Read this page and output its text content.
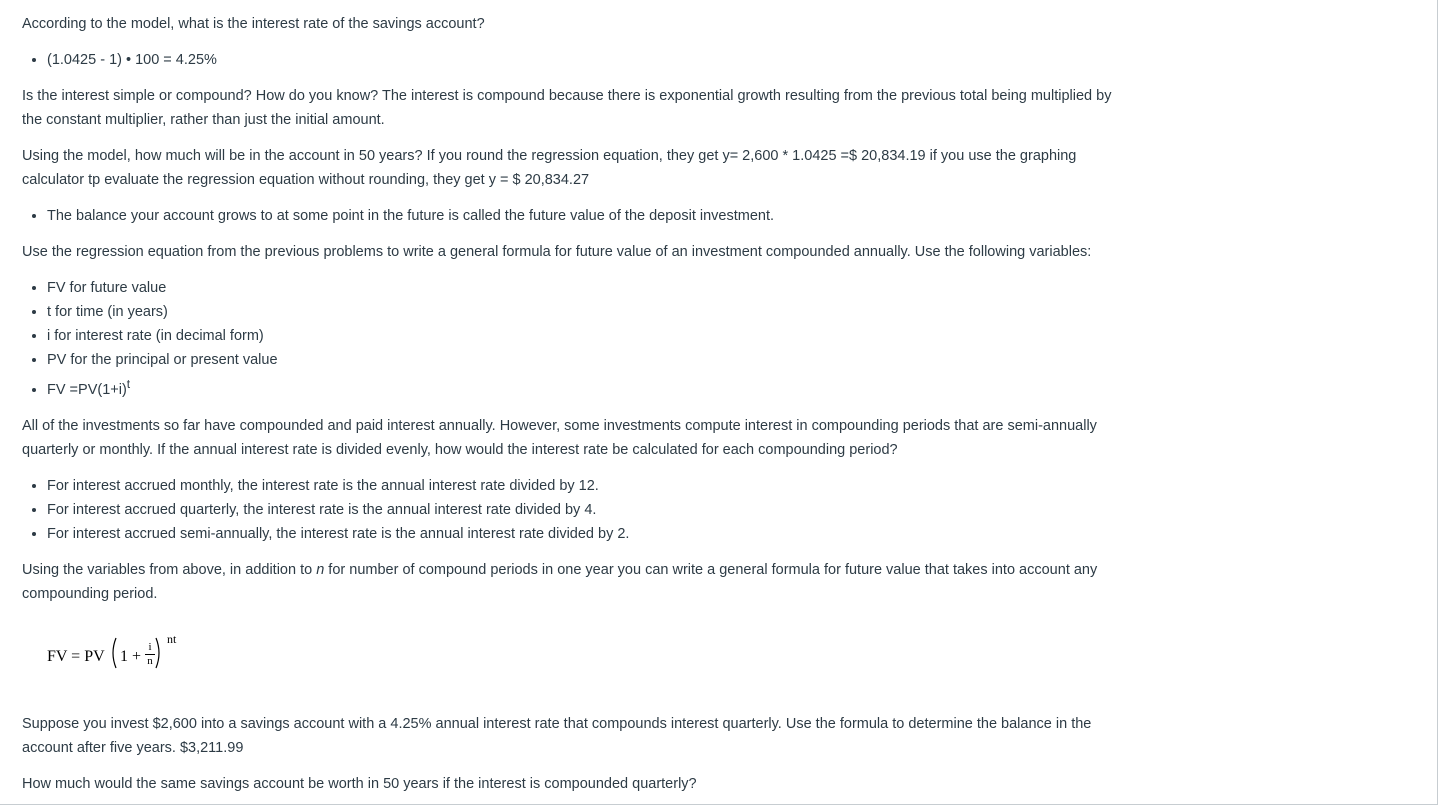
According to the model, what is the interest rate of the savings account?

• (1.0425 - 1) • 100 = 4.25%

Is the interest simple or compound? How do you know? The interest is compound because there is exponential growth resulting from the previous total being multiplied by the constant multiplier, rather than just the initial amount.

Using the model, how much will be in the account in 50 years? If you round the regression equation, they get y= 2,600 * 1.0425 =$ 20,834.19 if you use the graphing calculator tp evaluate the regression equation without rounding, they get y = $ 20,834.27

• The balance your account grows to at some point in the future is called the future value of the deposit investment.

Use the regression equation from the previous problems to write a general formula for future value of an investment compounded annually. Use the following variables:

• FV for future value
• t for time (in years)
• i for interest rate (in decimal form)
• PV for the principal or present value
• FV $=PV(1+i)^t$

All of the investments so far have compounded and paid interest annually. However, some investments compute interest in compounding periods that are semi-annually quarterly or monthly. If the annual interest rate is divided evenly, how would the interest rate be calculated for each compounding period?

• For interest accrued monthly, the interest rate is the annual interest rate divided by 12.
• For interest accrued quarterly, the interest rate is the annual interest rate divided by 4.
• For interest accrued semi-annually, the interest rate is the annual interest rate divided by 2.

Using the variables from above, in addition to n for number of compound periods in one year you can write a general formula for future value that takes into account any compounding period.

FV = PV 1 +
i
n
nt

Suppose you invest $2,600 into a savings account with a 4.25% annual interest rate that compounds interest quarterly. Use the formula to determine the balance in the account after five years. $3,211.99

How much would the same savings account be worth in 50 years if the interest is compounded quarterly?
